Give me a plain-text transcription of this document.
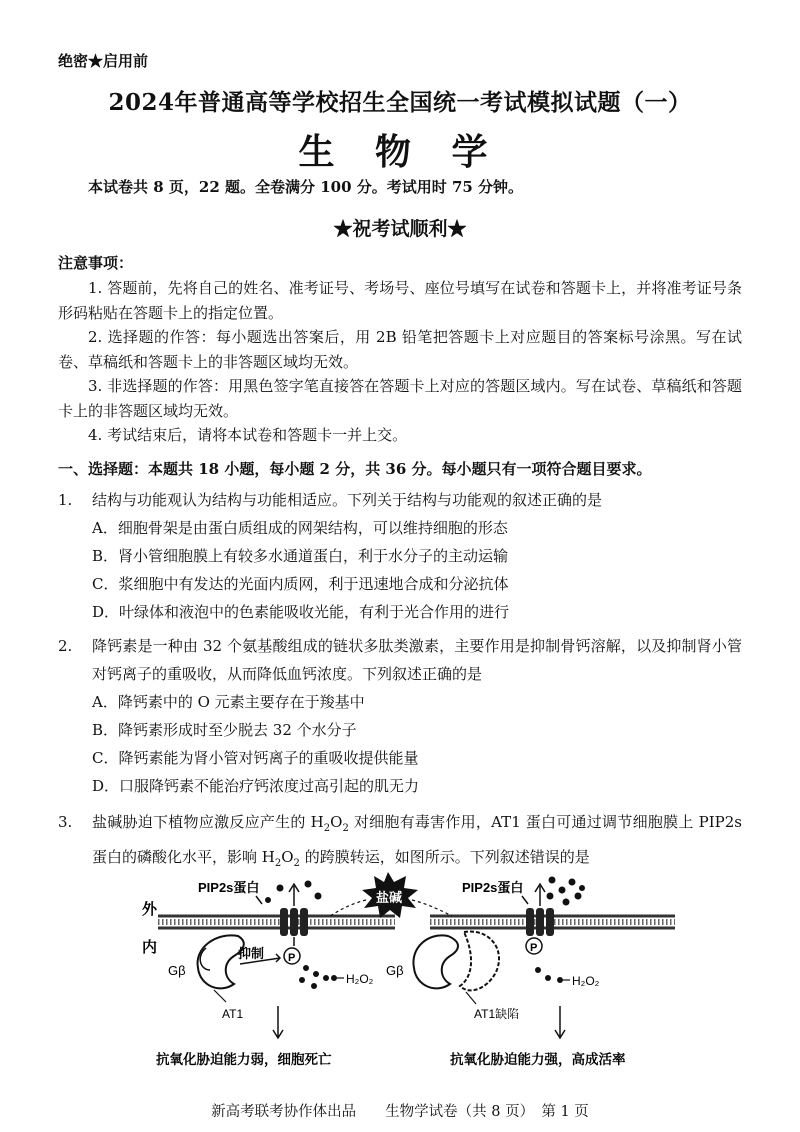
绝密★启用前
2024年普通高等学校招生全国统一考试模拟试题（一）
生 物 学
本试卷共 8 页，22 题。全卷满分 100 分。考试用时 75 分钟。
★祝考试顺利★
注意事项：

1. 答题前，先将自己的姓名、准考证号、考场号、座位号填写在试卷和答题卡上，并将准考证号条形码粘贴在答题卡上的指定位置。

2. 选择题的作答：每小题选出答案后，用 2B 铅笔把答题卡上对应题目的答案标号涂黑。写在试卷、草稿纸和答题卡上的非答题区域均无效。

3. 非选择题的作答：用黑色签字笔直接答在答题卡上对应的答题区域内。写在试卷、草稿纸和答题卡上的非答题区域均无效。

4. 考试结束后，请将本试卷和答题卡一并上交。

一、选择题：本题共 18 小题，每小题 2 分，共 36 分。每小题只有一项符合题目要求。
1.	结构与功能观认为结构与功能相适应。下列关于结构与功能观的叙述正确的是
A．细胞骨架是由蛋白质组成的网架结构，可以维持细胞的形态
B．肾小管细胞膜上有较多水通道蛋白，利于水分子的主动运输
C．浆细胞中有发达的光面内质网，利于迅速地合成和分泌抗体
D．叶绿体和液泡中的色素能吸收光能，有利于光合作用的进行
2.	降钙素是一种由 32 个氨基酸组成的链状多肽类激素，主要作用是抑制骨钙溶解，以及抑制肾小管对钙离子的重吸收，从而降低血钙浓度。下列叙述正确的是
A．降钙素中的 O 元素主要存在于羧基中
B．降钙素形成时至少脱去 32 个水分子
C．降钙素能为肾小管对钙离子的重吸收提供能量
D．口服降钙素不能治疗钙浓度过高引起的肌无力
3.	盐碱胁迫下植物应激反应产生的 $H_2O_2$ 对细胞有毒害作用，AT1 蛋白可通过调节细胞膜上 PIP2s 蛋白的磷酸化水平，影响 $H_2O_2$ 的跨膜转运，如图所示。下列叙述错误的是
外
内
PIP2s蛋白
P
Gβ
抑制
H₂O₂
AT1
抗氧化胁迫能力弱，细胞死亡
盐碱
PIP2s蛋白
P
Gβ
H₂O₂
AT1缺陷
抗氧化胁迫能力强，高成活率
新高考联考协作体出品　　生物学试卷（共 8 页）　第 1 页
